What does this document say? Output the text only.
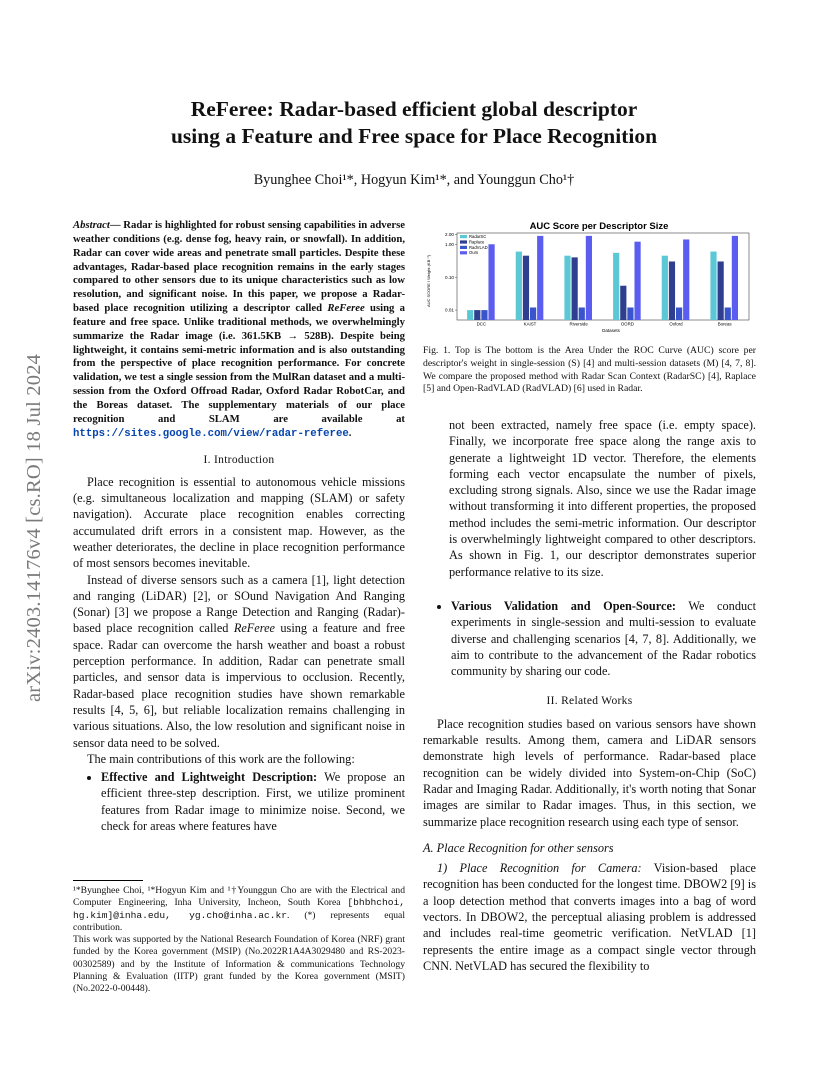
ReFeree: Radar-based efficient global descriptor
using a Feature and Free space for Place Recognition
Byunghee Choi¹*, Hogyun Kim¹*, and Younggun Cho¹†
arXiv:2403.14176v4 [cs.RO] 18 Jul 2024
Abstract— Radar is highlighted for robust sensing capabilities in adverse weather conditions (e.g. dense fog, heavy rain, or snowfall). In addition, Radar can cover wide areas and penetrate small particles. Despite these advantages, Radar-based place recognition remains in the early stages compared to other sensors due to its unique characteristics such as low resolution, and significant noise. In this paper, we propose a Radar-based place recognition utilizing a descriptor called ReFeree using a feature and free space. Unlike traditional methods, we overwhelmingly summarize the Radar image (i.e. 361.5KB → 528B). Despite being lightweight, it contains semi-metric information and is also outstanding from the perspective of place recognition performance. For concrete validation, we test a single session from the MulRan dataset and a multi-session from the Oxford Offroad Radar, Oxford Radar RobotCar, and the Boreas dataset. The supplementary materials of our place recognition and SLAM are available at https://sites.google.com/view/radar-referee.
I. Introduction

Place recognition is essential to autonomous vehicle missions (e.g. simultaneous localization and mapping (SLAM) or safety navigation). Accurate place recognition enables correcting accumulated drift errors in a consistent map. However, as the weather deteriorates, the decline in place recognition performance of most sensors becomes inevitable.

Instead of diverse sensors such as a camera [1], light detection and ranging (LiDAR) [2], or SOund Navigation And Ranging (Sonar) [3] we propose a Range Detection and Ranging (Radar)-based place recognition called ReFeree using a feature and free space. Radar can overcome the harsh weather and boast a robust perception performance. In addition, Radar can penetrate small particles, and sensor data is impervious to occlusion. Recently, Radar-based place recognition studies have shown remarkable results [4, 5, 6], but reliable localization remains challenging in various situations. Also, the low resolution and significant noise in sensor data need to be solved.

The main contributions of this work are the following:

• Effective and Lightweight Description: We propose an efficient three-step description. First, we utilize prominent features from Radar image to minimize noise. Second, we check for areas where features have
¹*Byunghee Choi, ¹*Hogyun Kim and ¹†Younggun Cho are with the Electrical and Computer Engineering, Inha University, Incheon, South Korea [bhbhchoi, hg.kim]@inha.edu, yg.cho@inha.ac.kr. (*) represents equal contribution.
This work was supported by the National Research Foundation of Korea (NRF) grant funded by the Korea government (MSIP) (No.2022R1A4A3029480 and RS-2023-00302589) and by the Institute of Information & communications Technology Planning & Evaluation (IITP) grant funded by the Korea government (MSIT) (No.2022-0-00448).
AUC Score per Descriptor Size
AUC SCORE / Weight (KB⁻¹)
Datasets
2.00
1.00
0.10
0.01
DCC	KAIST	Riverside	OORD	Oxford	Boreas
RadarSC
Raplace
RadVLAD
Ours
Fig. 1. Top is The bottom is the Area Under the ROC Curve (AUC) score per descriptor's weight in single-session (S) [4] and multi-session datasets (M) [4, 7, 8]. We compare the proposed method with Radar Scan Context (RadarSC) [4], Raplace [5] and Open-RadVLAD (RadVLAD) [6] used in Radar.
not been extracted, namely free space (i.e. empty space). Finally, we incorporate free space along the range axis to generate a lightweight 1D vector. Therefore, the elements forming each vector encapsulate the number of pixels, excluding strong signals. Also, since we use the Radar image without transforming it into different properties, the proposed method includes the semi-metric information. Our descriptor is overwhelmingly lightweight compared to other descriptors. As shown in Fig. 1, our descriptor demonstrates superior performance relative to its size.
• Various Validation and Open-Source: We conduct experiments in single-session and multi-session to evaluate diverse and challenging scenarios [4, 7, 8]. Additionally, we aim to contribute to the advancement of the Radar robotics community by sharing our code.
II. Related Works

Place recognition studies based on various sensors have shown remarkable results. Among them, camera and LiDAR sensors demonstrate high levels of performance. Radar-based place recognition can be widely divided into System-on-Chip (SoC) Radar and Imaging Radar. Additionally, it's worth noting that Sonar images are similar to Radar images. Thus, in this section, we summarize place recognition research using each type of sensor.

A. Place Recognition for other sensors

1) Place Recognition for Camera: Vision-based place recognition has been conducted for the longest time. DBOW2 [9] is a loop detection method that converts images into a bag of word vectors. In DBOW2, the perceptual aliasing problem is addressed and includes real-time geometric verification. NetVLAD [1] represents the entire image as a compact single vector through CNN. NetVLAD has secured the flexibility to
